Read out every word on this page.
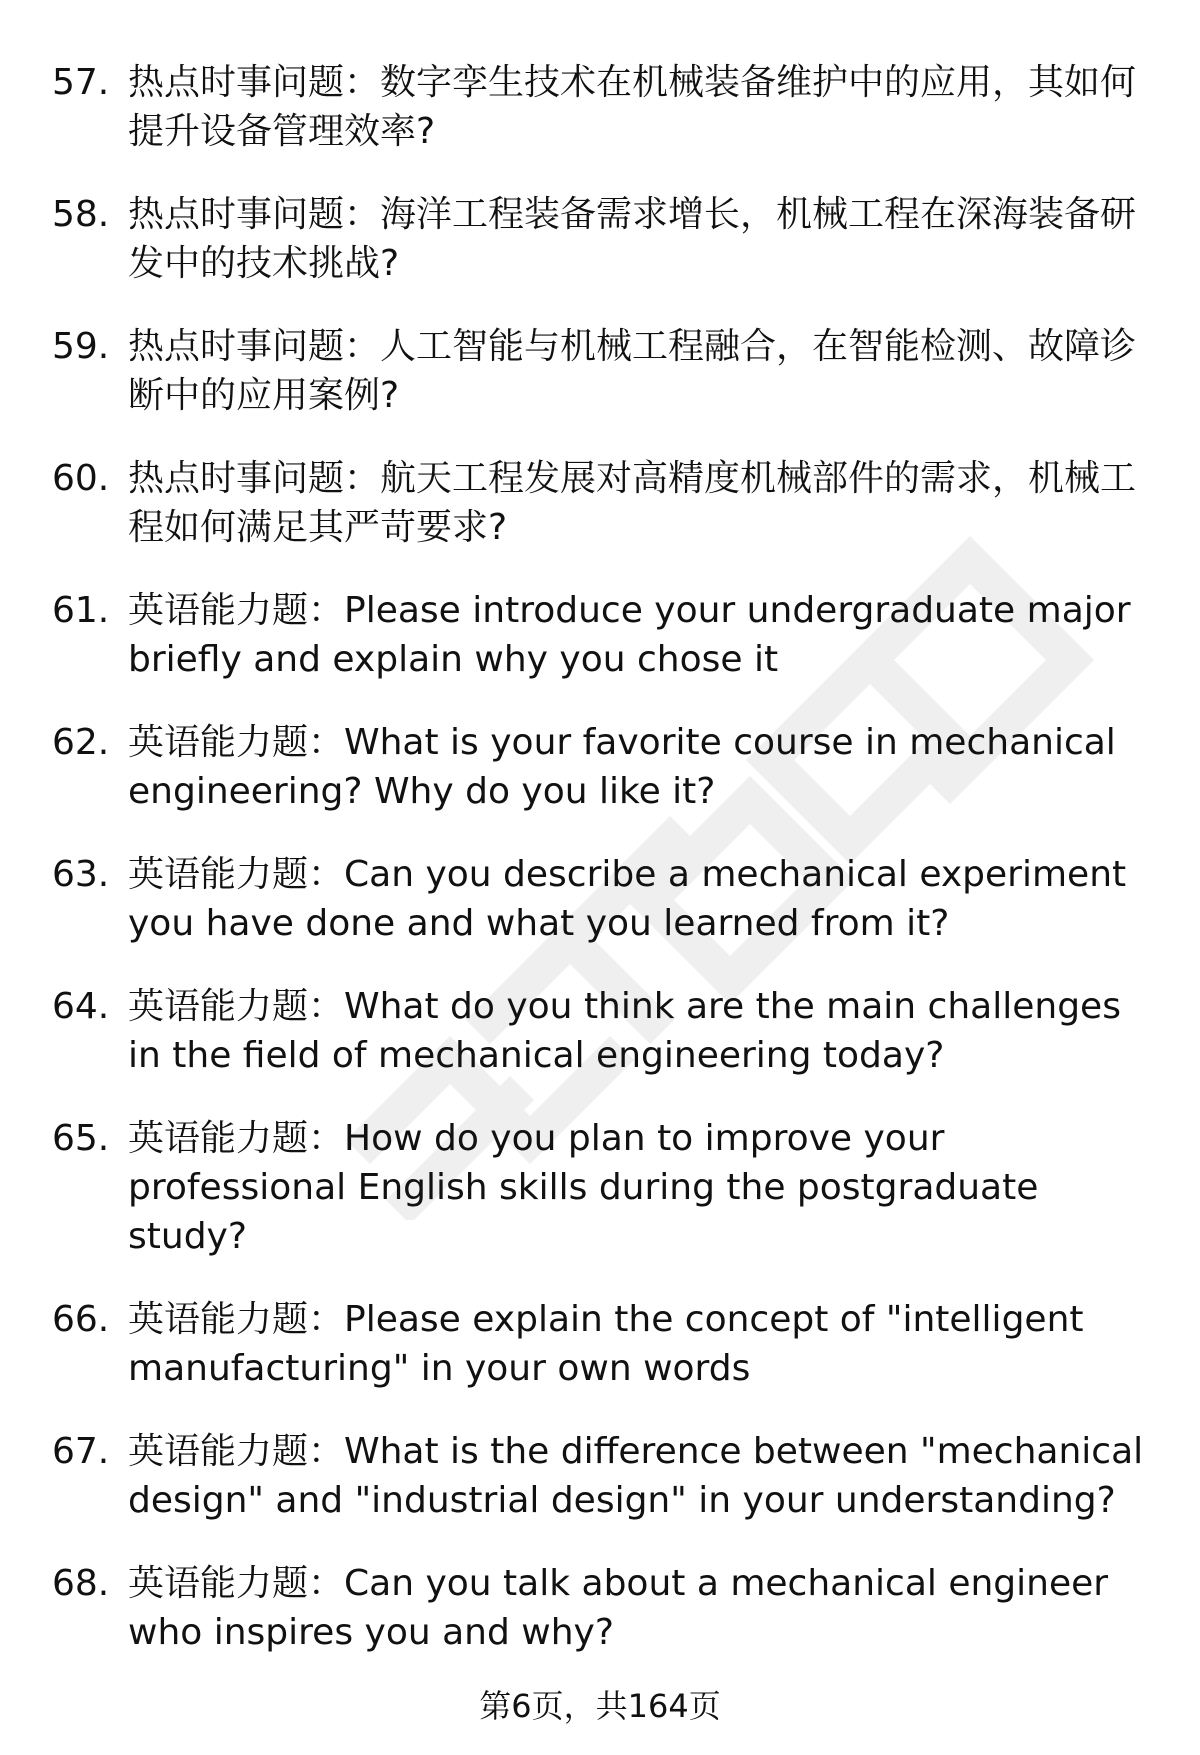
57. 热点时事问题：数字孪生技术在机械装备维护中的应用，其如何提升设备管理效率?
58. 热点时事问题：海洋工程装备需求增长，机械工程在深海装备研发中的技术挑战?
59. 热点时事问题：人工智能与机械工程融合，在智能检测、故障诊断中的应用案例?
60. 热点时事问题：航天工程发展对高精度机械部件的需求，机械工程如何满足其严苛要求?
61. 英语能力题：Please introduce your undergraduate major briefly and explain why you chose it
62. 英语能力题：What is your favorite course in mechanical engineering? Why do you like it?
63. 英语能力题：Can you describe a mechanical experiment you have done and what you learned from it?
64. 英语能力题：What do you think are the main challenges in the field of mechanical engineering today?
65. 英语能力题：How do you plan to improve your professional English skills during the postgraduate study?
66. 英语能力题：Please explain the concept of "intelligent manufacturing" in your own words
67. 英语能力题：What is the difference between "mechanical design" and "industrial design" in your understanding?
68. 英语能力题：Can you talk about a mechanical engineer who inspires you and why?
第6页，共164页
